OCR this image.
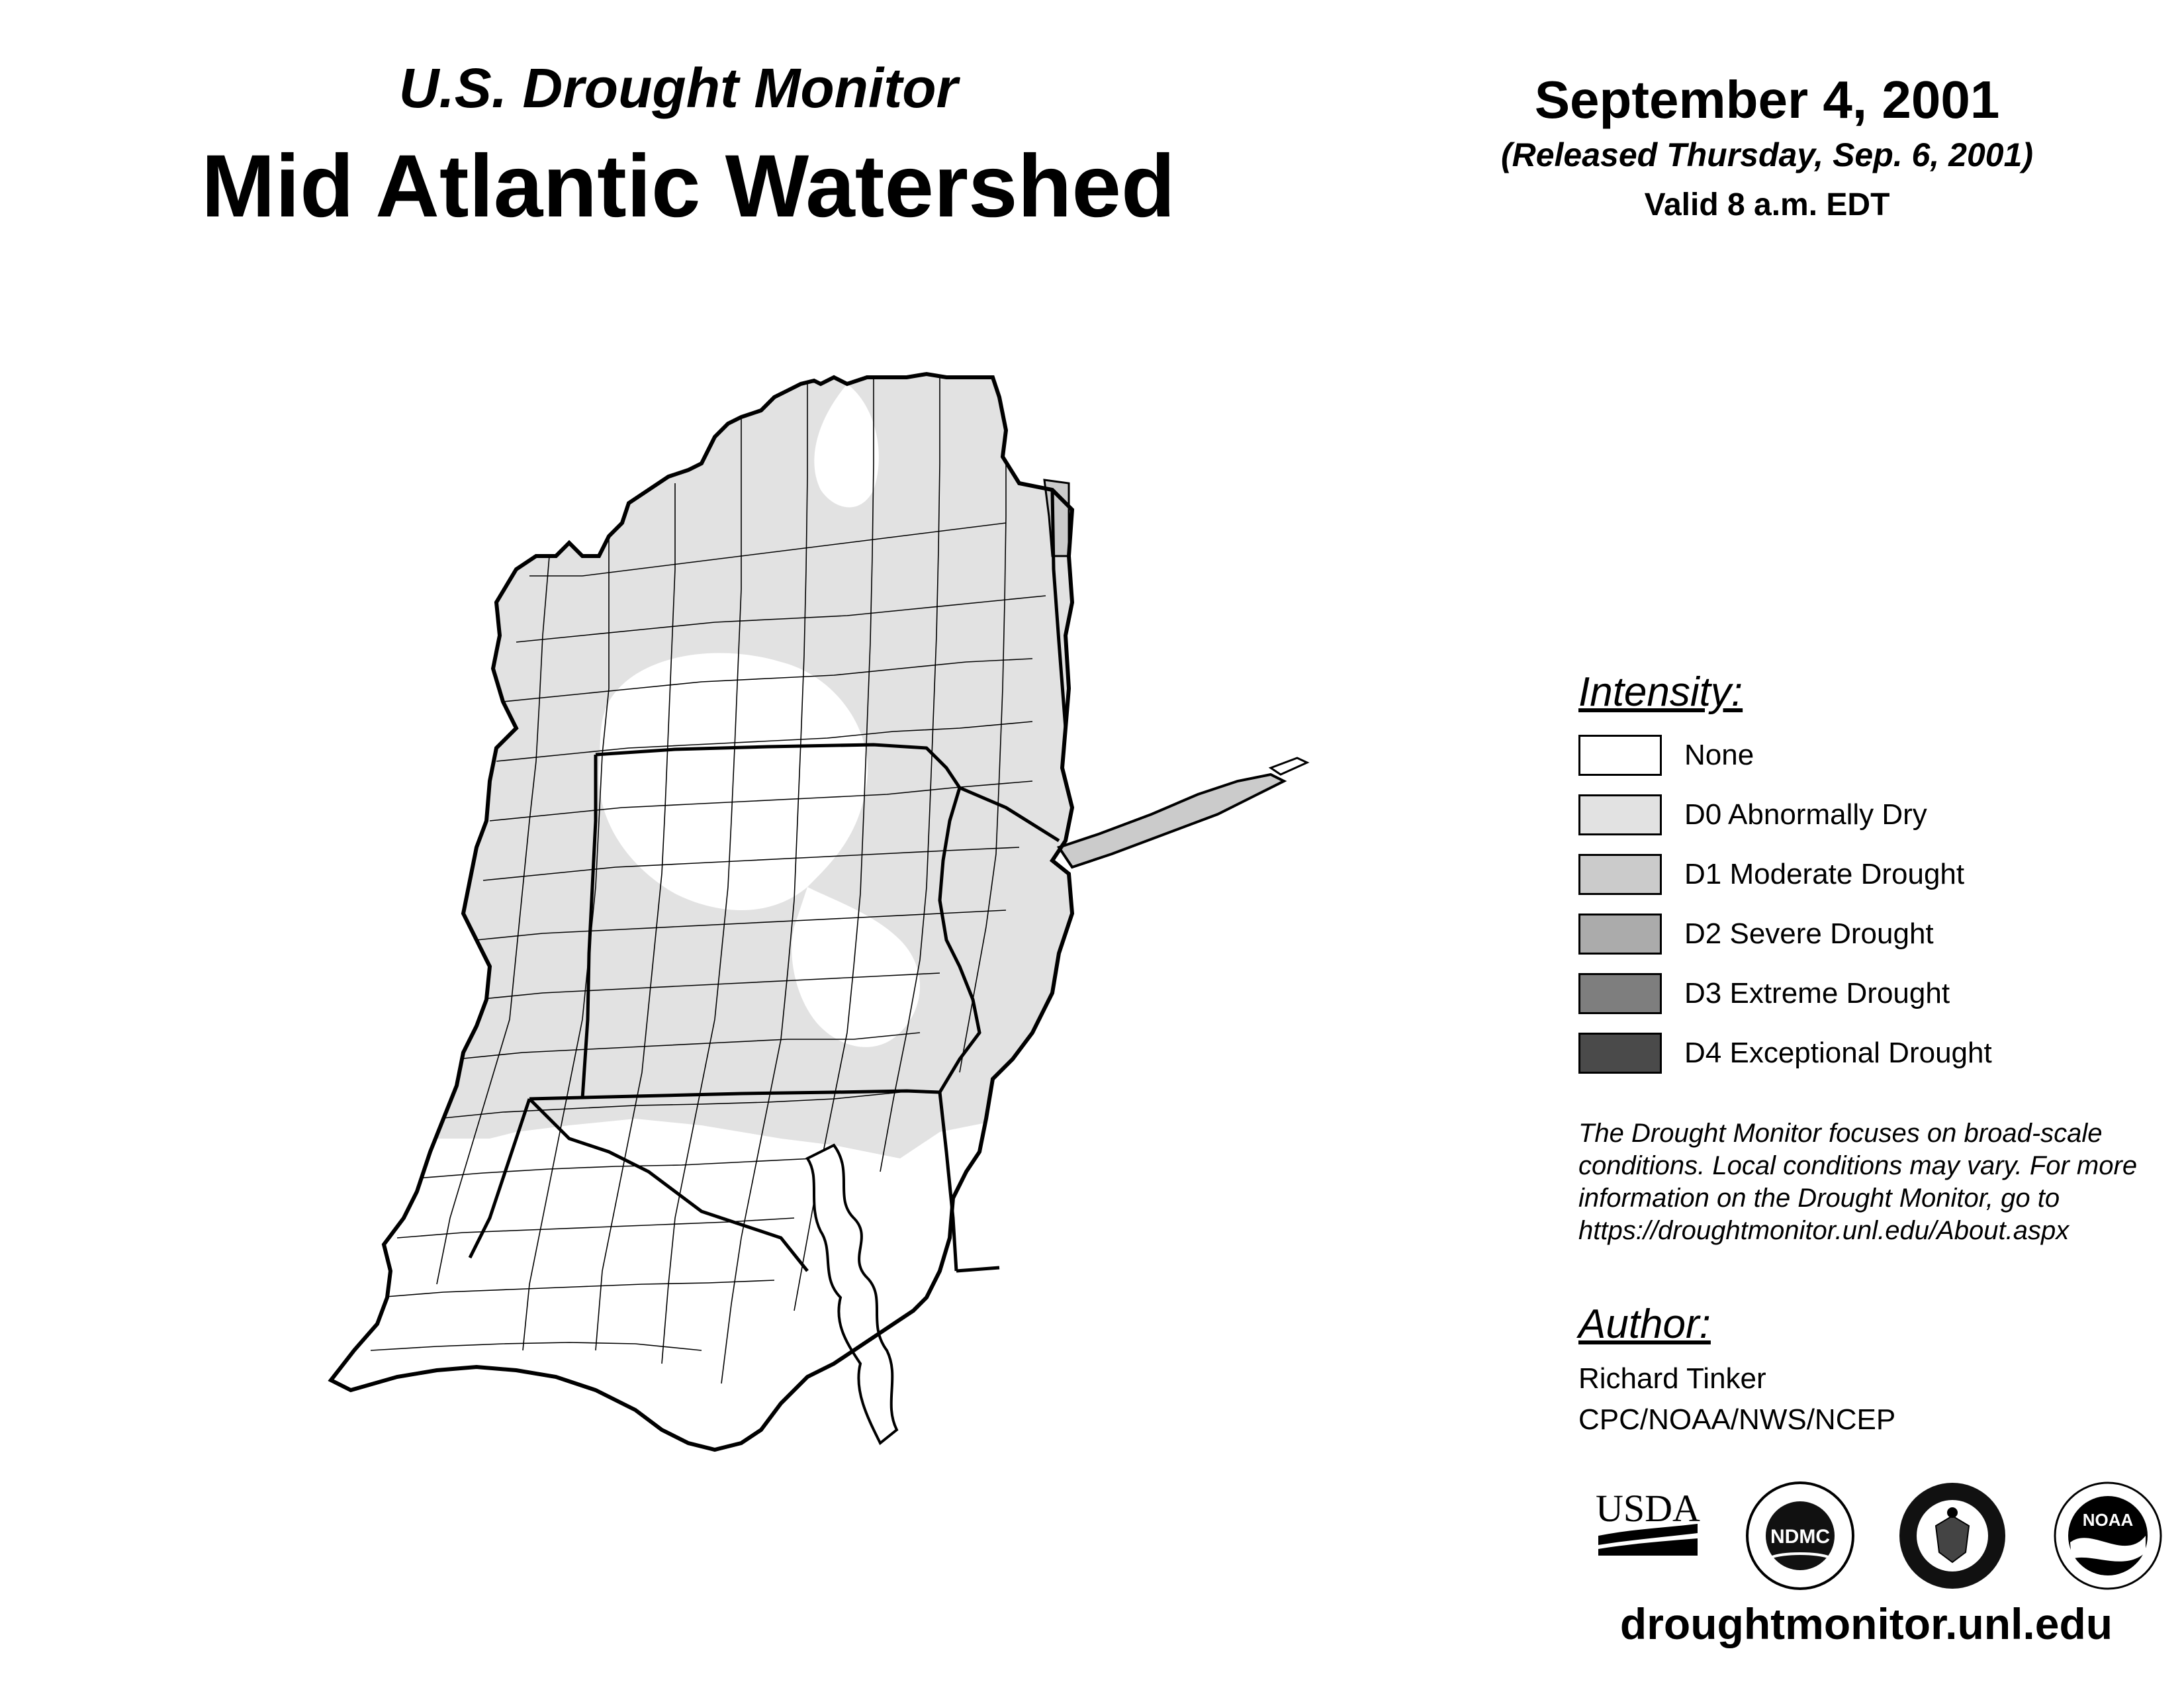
U.S. Drought Monitor
Mid Atlantic Watershed
September 4, 2001
(Released Thursday, Sep. 6, 2001)
Valid 8 a.m. EDT
Intensity:
None
D0 Abnormally Dry
D1 Moderate Drought
D2 Severe Drought
D3 Extreme Drought
D4 Exceptional Drought
The Drought Monitor focuses on broad-scale
conditions. Local conditions may vary. For more
information on the Drought Monitor, go to
https://droughtmonitor.unl.edu/About.aspx
Author:
Richard Tinker
CPC/NOAA/NWS/NCEP
USDA
NDMC
NOAA
droughtmonitor.unl.edu
